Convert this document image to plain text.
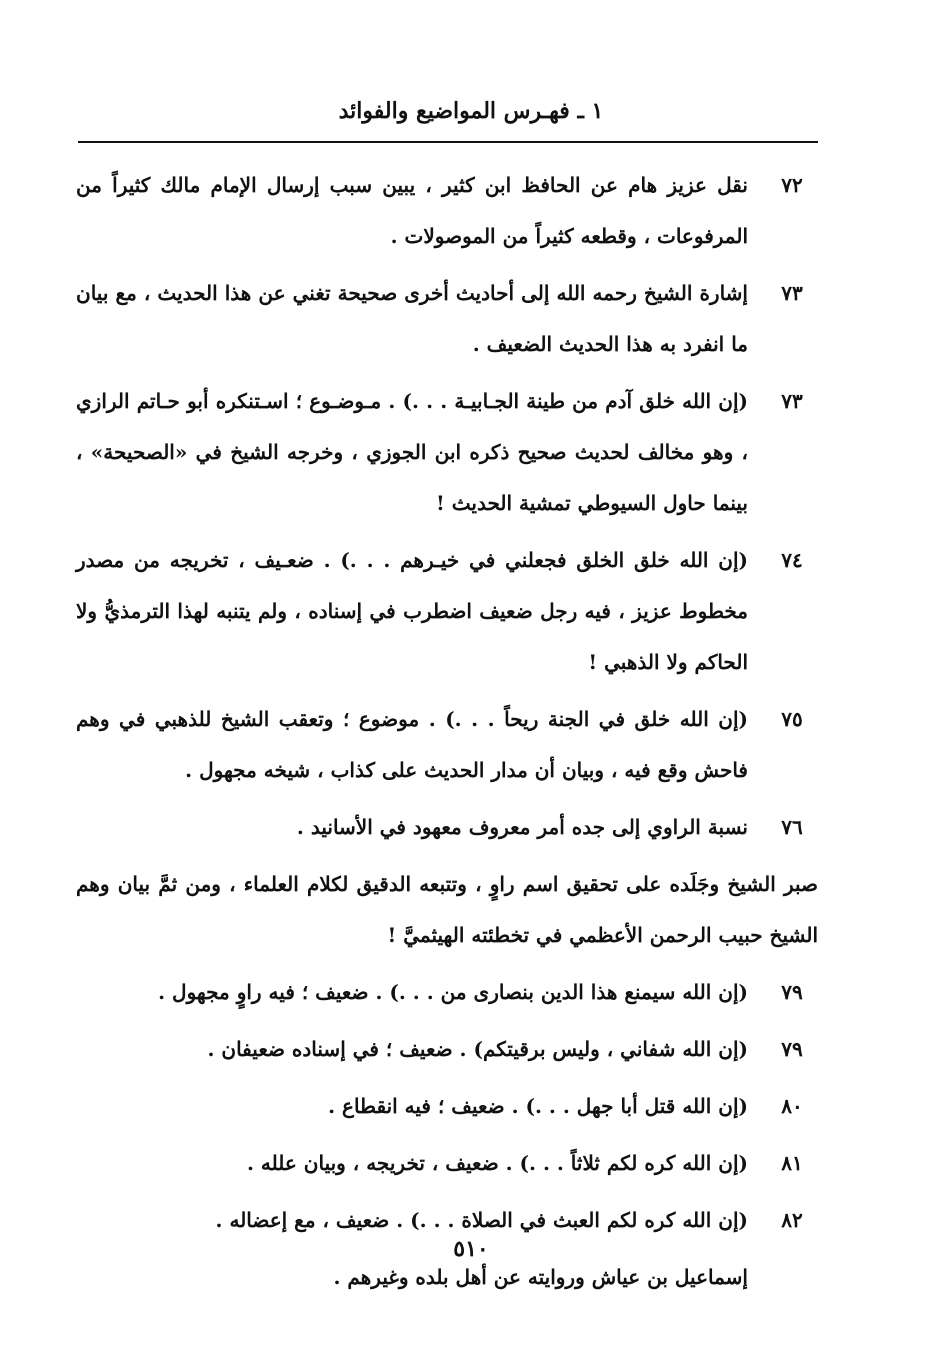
١ ـ فهـرس المواضيع والفوائد
٧٢
نقل عزيز هام عن الحافظ ابن كثير ، يبين سبب إرسال الإمام مالك كثيراً من المرفوعات ، وقطعه كثيراً من الموصولات .
٧٣
إشارة الشيخ رحمه الله إلى أحاديث أخرى صحيحة تغني عن هذا الحديث ، مع بيان ما انفرد به هذا الحديث الضعيف .
٧٣
(إن الله خلق آدم من طينة الجـابيـة . . .) . مـوضـوع ؛ اسـتنكره أبو حـاتم الرازي ، وهو مخالف لحديث صحيح ذكره ابن الجوزي ، وخرجه الشيخ في «الصحيحة» ، بينما حاول السيوطي تمشية الحديث !
٧٤
(إن الله خلق الخلق فجعلني في خيـرهم . . .) . ضعـيف ، تخريجه من مصدر مخطوط عزيز ، فيه رجل ضعيف اضطرب في إسناده ، ولم يتنبه لهذا الترمذيُّ ولا الحاكم ولا الذهبي !
٧٥
(إن الله خلق في الجنة ريحاً . . .) . موضوع ؛ وتعقب الشيخ للذهبي في وهم فاحش وقع فيه ، وبيان أن مدار الحديث على كذاب ، شيخه مجهول .
٧٦
نسبة الراوي إلى جده أمر معروف معهود في الأسانيد .
صبر الشيخ وجَلَده على تحقيق اسم راوٍ ، وتتبعه الدقيق لكلام العلماء ، ومن ثمَّ بيان وهم الشيخ حبيب الرحمن الأعظمي في تخطئته الهيثميَّ !
٧٩
(إن الله سيمنع هذا الدين بنصارى من . . .) . ضعيف ؛ فيه راوٍ مجهول .
٧٩
(إن الله شفاني ، وليس برقيتكم) . ضعيف ؛ في إسناده ضعيفان .
٨٠
(إن الله قتل أبا جهل . . .) . ضعيف ؛ فيه انقطاع .
٨١
(إن الله كره لكم ثلاثاً . . .) . ضعيف ، تخريجه ، وبيان علله .
٨٢
(إن الله كره لكم العبث في الصلاة . . .) . ضعيف ، مع إعضاله .
إسماعيل بن عياش وروايته عن أهل بلده وغيرهم .
٥١٠
